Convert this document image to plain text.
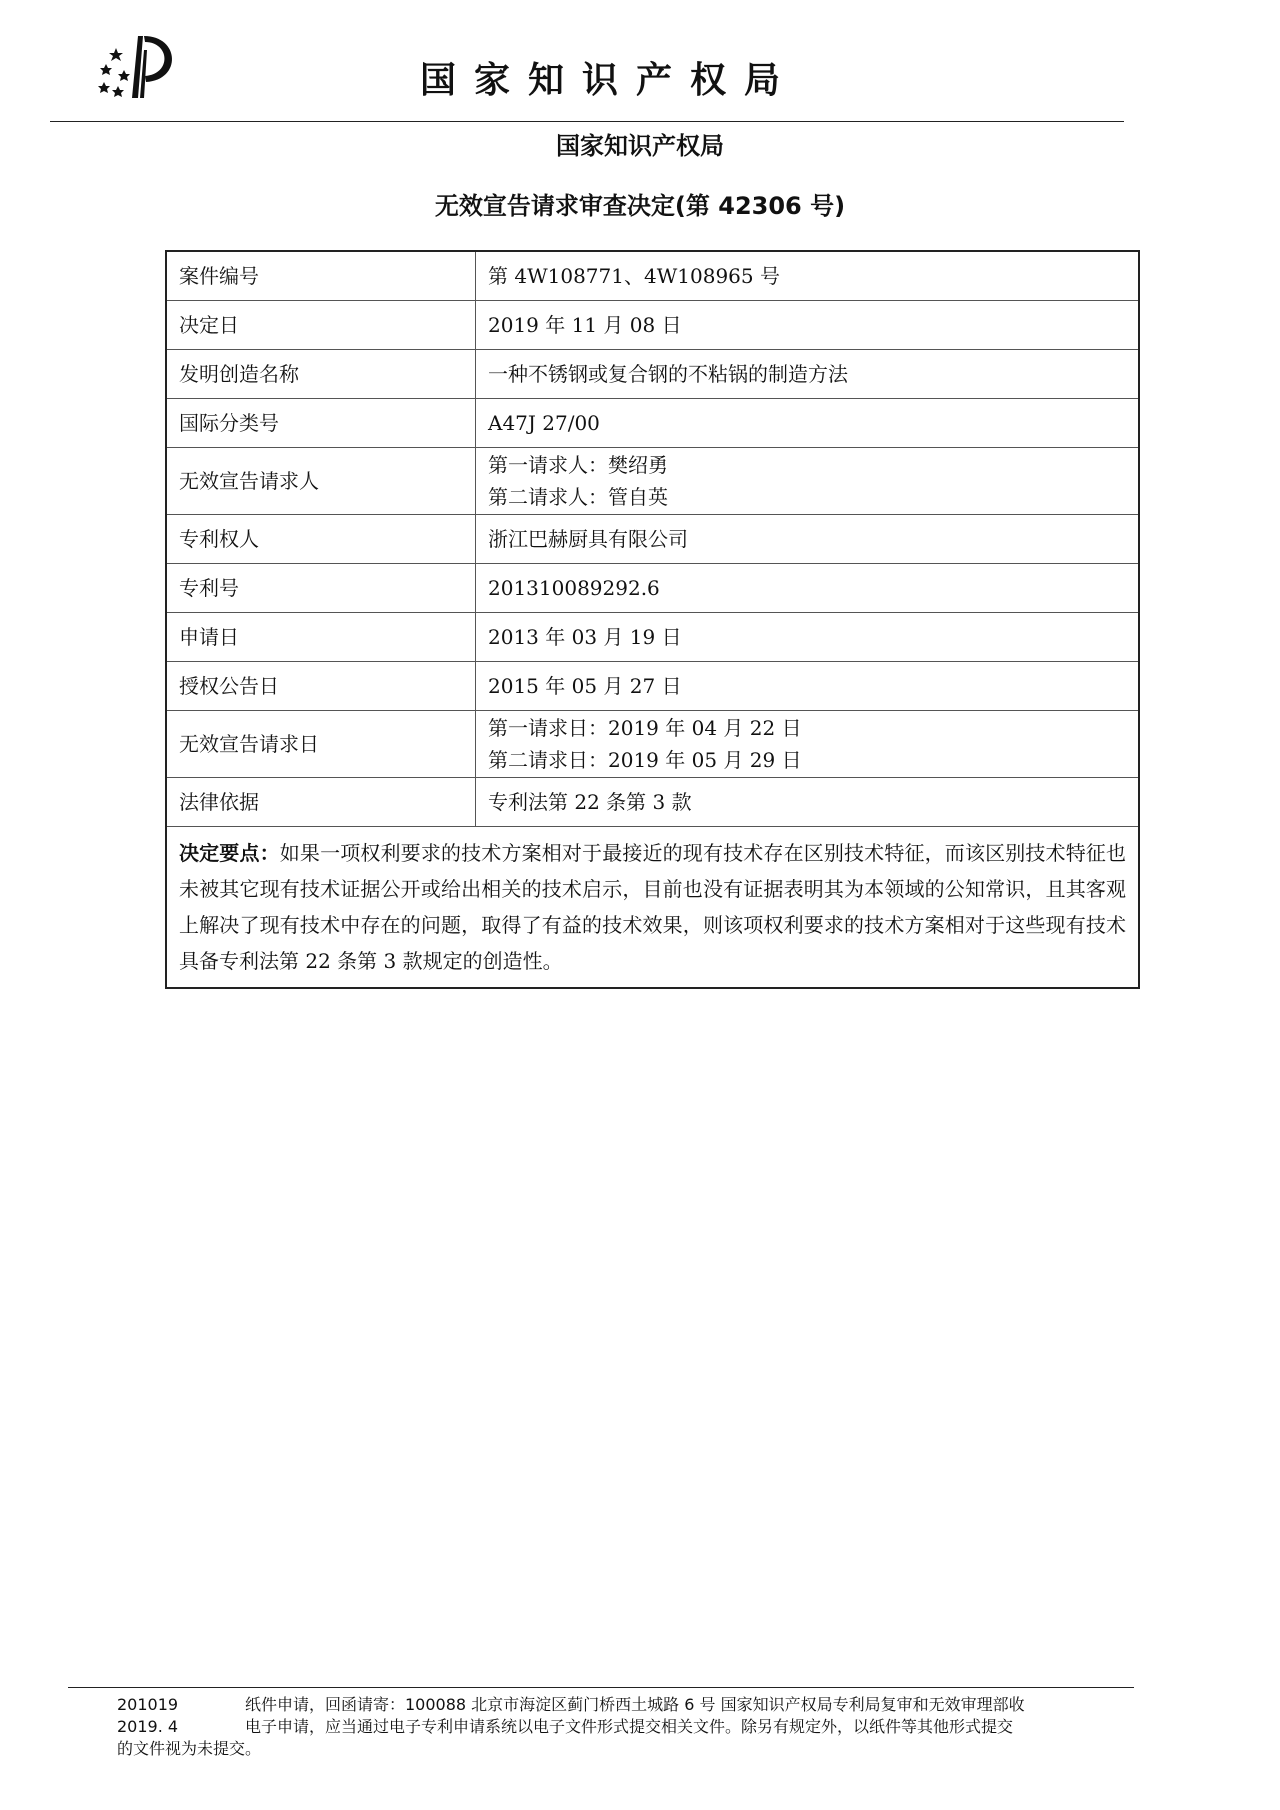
国家知识产权局
国家知识产权局
无效宣告请求审查决定(第 42306 号)
案件编号	第 4W108771、4W108965 号
决定日	2019 年 11 月 08 日
发明创造名称	一种不锈钢或复合钢的不粘锅的制造方法
国际分类号	A47J 27/00
无效宣告请求人	第一请求人：樊绍勇
第二请求人：管自英

专利权人	浙江巴赫厨具有限公司
专利号	201310089292.6
申请日	2013 年 03 月 19 日
授权公告日	2015 年 05 月 27 日
无效宣告请求日	第一请求日：2019 年 04 月 22 日
第二请求日：2019 年 05 月 29 日

法律依据	专利法第 22 条第 3 款
决定要点：如果一项权利要求的技术方案相对于最接近的现有技术存在区别技术特征，而该区别技术特征也未被其它现有技术证据公开或给出相关的技术启示，目前也没有证据表明其为本领域的公知常识，且其客观上解决了现有技术中存在的问题，取得了有益的技术效果，则该项权利要求的技术方案相对于这些现有技术具备专利法第 22 条第 3 款规定的创造性。	
201019	纸件申请，回函请寄：100088 北京市海淀区蓟门桥西土城路 6 号 国家知识产权局专利局复审和无效审理部收
2019. 4	电子申请，应当通过电子专利申请系统以电子文件形式提交相关文件。除另有规定外，以纸件等其他形式提交
的文件视为未提交。
